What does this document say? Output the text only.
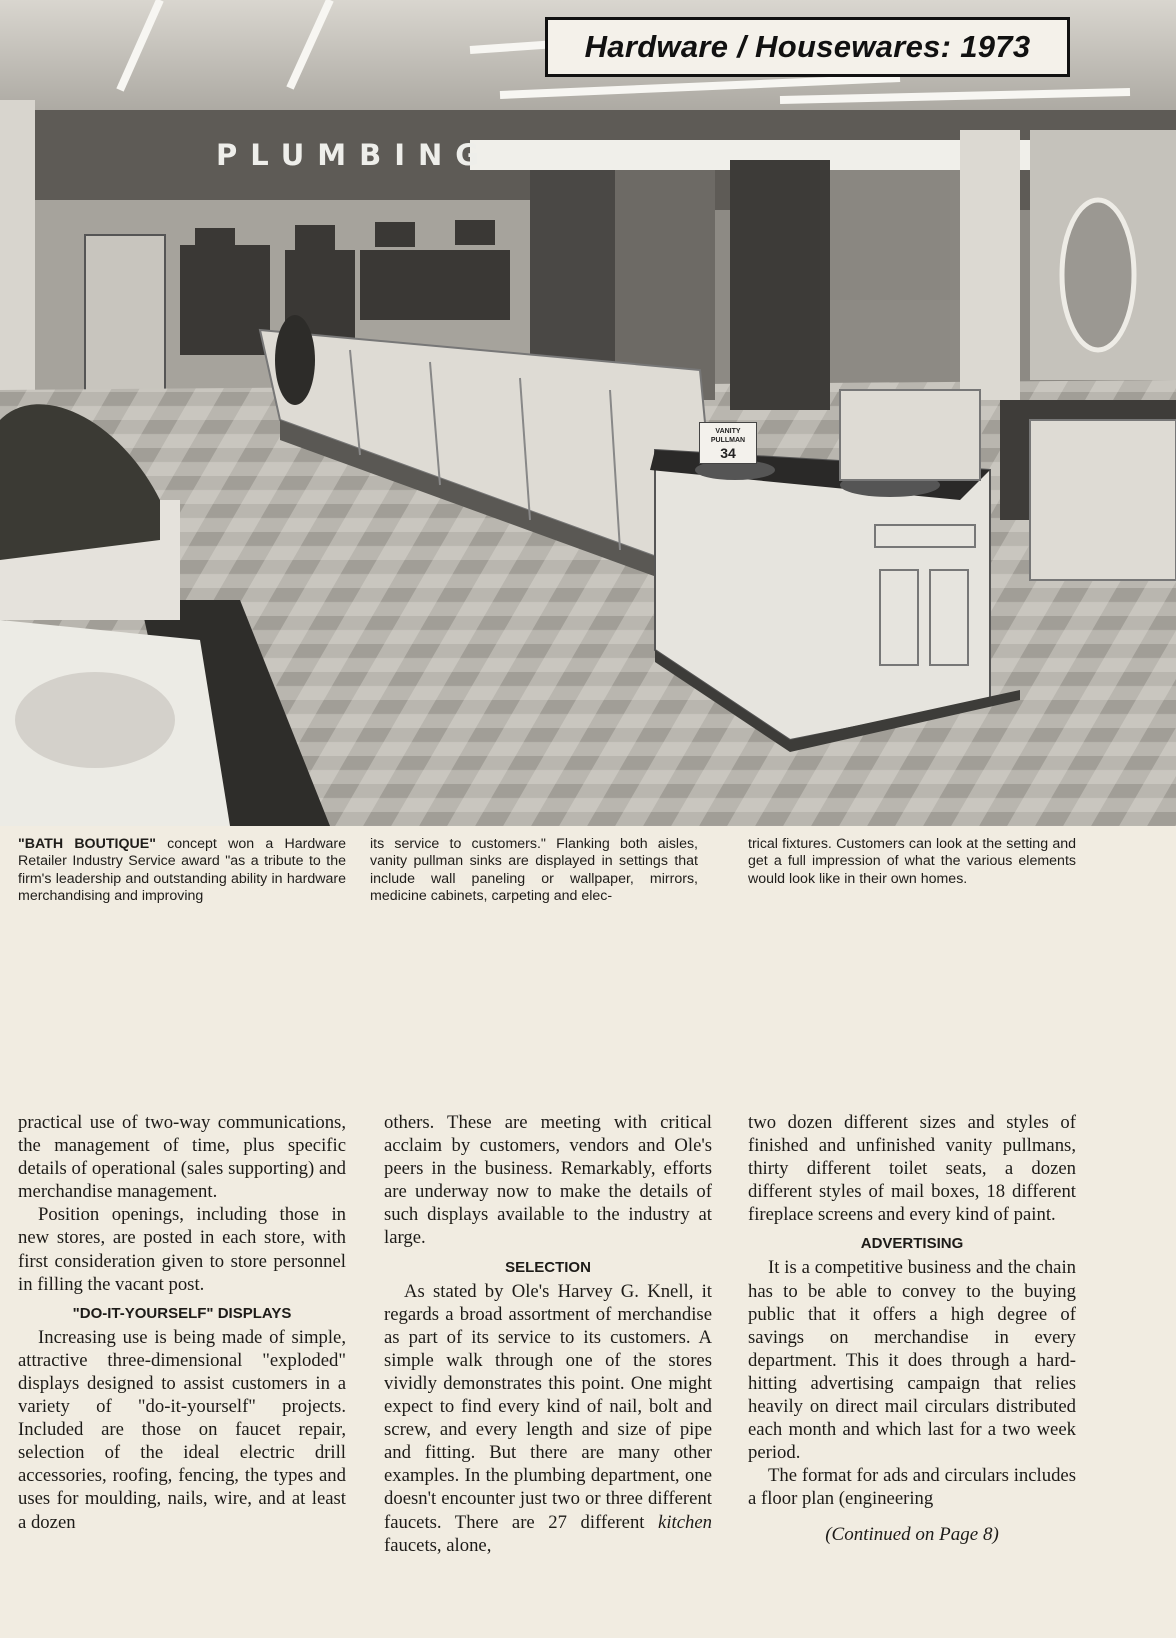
PLUMBING
VANITY
PULLMAN
34
Hardware / Housewares: 1973
"BATH BOUTIQUE" concept won a Hardware Retailer Industry Service award "as a tribute to the firm's leadership and outstanding ability in hardware merchandising and improving
its service to customers." Flanking both aisles, vanity pullman sinks are displayed in settings that include wall paneling or wallpaper, mirrors, medicine cabinets, carpeting and elec-
trical fixtures. Customers can look at the setting and get a full impression of what the various elements would look like in their own homes.

practical use of two-way communications, the management of time, plus specific details of operational (sales supporting) and merchandise management.

Position openings, including those in new stores, are posted in each store, with first consideration given to store personnel in filling the vacant post.

"DO-IT-YOURSELF" DISPLAYS

Increasing use is being made of simple, attractive three-dimensional "exploded" displays designed to assist customers in a variety of "do-it-yourself" projects. Included are those on faucet repair, selection of the ideal electric drill accessories, roofing, fencing, the types and uses for moulding, nails, wire, and at least a dozen

others. These are meeting with critical acclaim by customers, vendors and Ole's peers in the business. Remarkably, efforts are underway now to make the details of such displays available to the industry at large.

SELECTION

As stated by Ole's Harvey G. Knell, it regards a broad assortment of merchandise as part of its service to its customers. A simple walk through one of the stores vividly demonstrates this point. One might expect to find every kind of nail, bolt and screw, and every length and size of pipe and fitting. But there are many other examples. In the plumbing department, one doesn't encounter just two or three different faucets. There are 27 different kitchen faucets, alone,

two dozen different sizes and styles of finished and unfinished vanity pullmans, thirty different toilet seats, a dozen different styles of mail boxes, 18 different fireplace screens and every kind of paint.

ADVERTISING

It is a competitive business and the chain has to be able to convey to the buying public that it offers a high degree of savings on merchandise in every department. This it does through a hard-hitting advertising campaign that relies heavily on direct mail circulars distributed each month and which last for a two week period.

The format for ads and circulars includes a floor plan (engineering

(Continued on Page 8)
